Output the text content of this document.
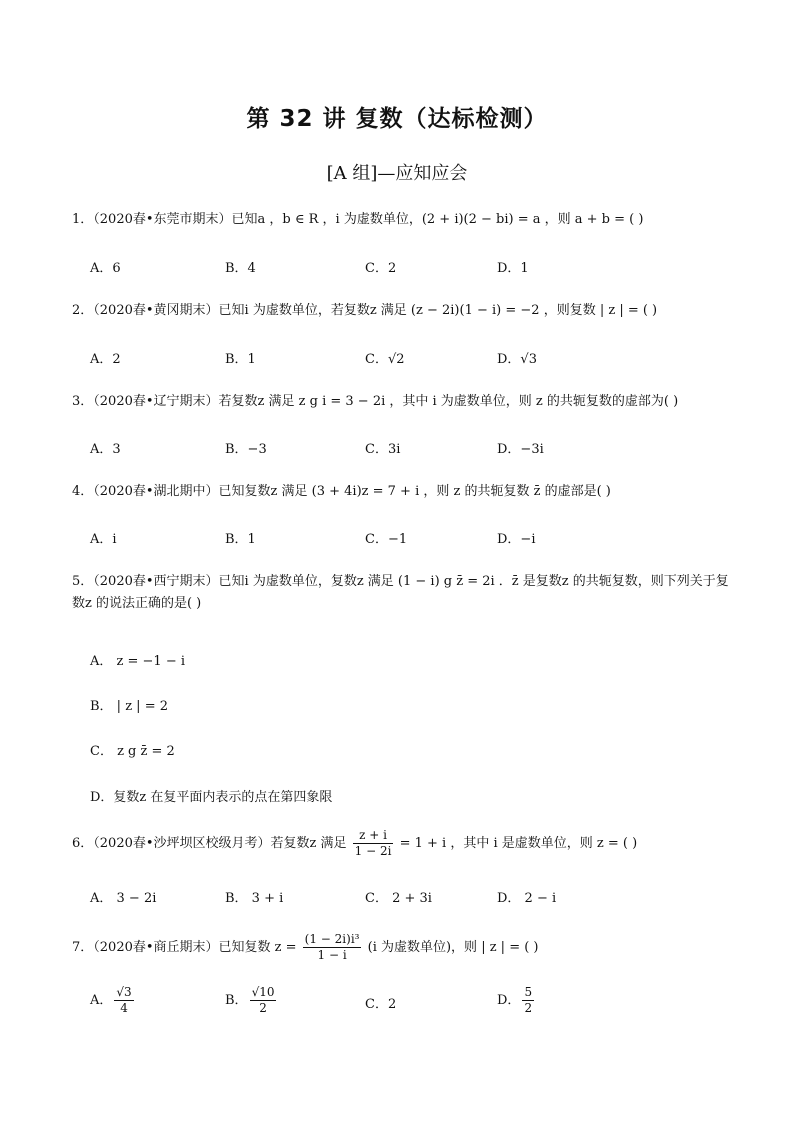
第 32 讲 复数（达标检测）
[A 组]—应知应会
1．（2020春•东莞市期末）已知a ，b ∈ R ，i 为虚数单位，(2 + i)(2 − bi) = a ，则 a + b = ( )
A．6	B．4	C．2	D．1
2．（2020春•黄冈期末）已知i 为虚数单位，若复数z 满足 (z − 2i)(1 − i) = −2 ，则复数 | z | = ( )
A．2	B．1	C．√2	D．√3
3．（2020春•辽宁期末）若复数z 满足 z g i = 3 − 2i ，其中 i 为虚数单位，则 z 的共轭复数的虚部为( )
A．3	B．−3	C．3i	D．−3i
4．（2020春•湖北期中）已知复数z 满足 (3 + 4i)z = 7 + i ，则 z 的共轭复数 z̄ 的虚部是( )
A．i	B．1	C．−1	D．−i
5．（2020春•西宁期末）已知i 为虚数单位，复数z 满足 (1 − i) g z̄ = 2i ．z̄ 是复数z 的共轭复数，则下列关于复数z 的说法正确的是( )
A． z = −1 − i
B． | z | = 2
C． z g z̄ = 2
D．复数z 在复平面内表示的点在第四象限
6．（2020春•沙坪坝区校级月考）若复数z 满足 $\frac{z + i}{1 - 2i} = 1 + i$ ，其中 i 是虚数单位，则 z = ( )
A． 3 − 2i	B． 3 + i	C． 2 + 3i	D． 2 − i
7．（2020春•商丘期末）已知复数 $z = \frac{\text{(1 − 2i)i³}}{1 - i} (i$ 为虚数单位)，则 | z | = ( )
A． $\frac{√3}{4}$	B． $\frac{√10}{2}$	C．2	D． $\frac{5}{2}$
